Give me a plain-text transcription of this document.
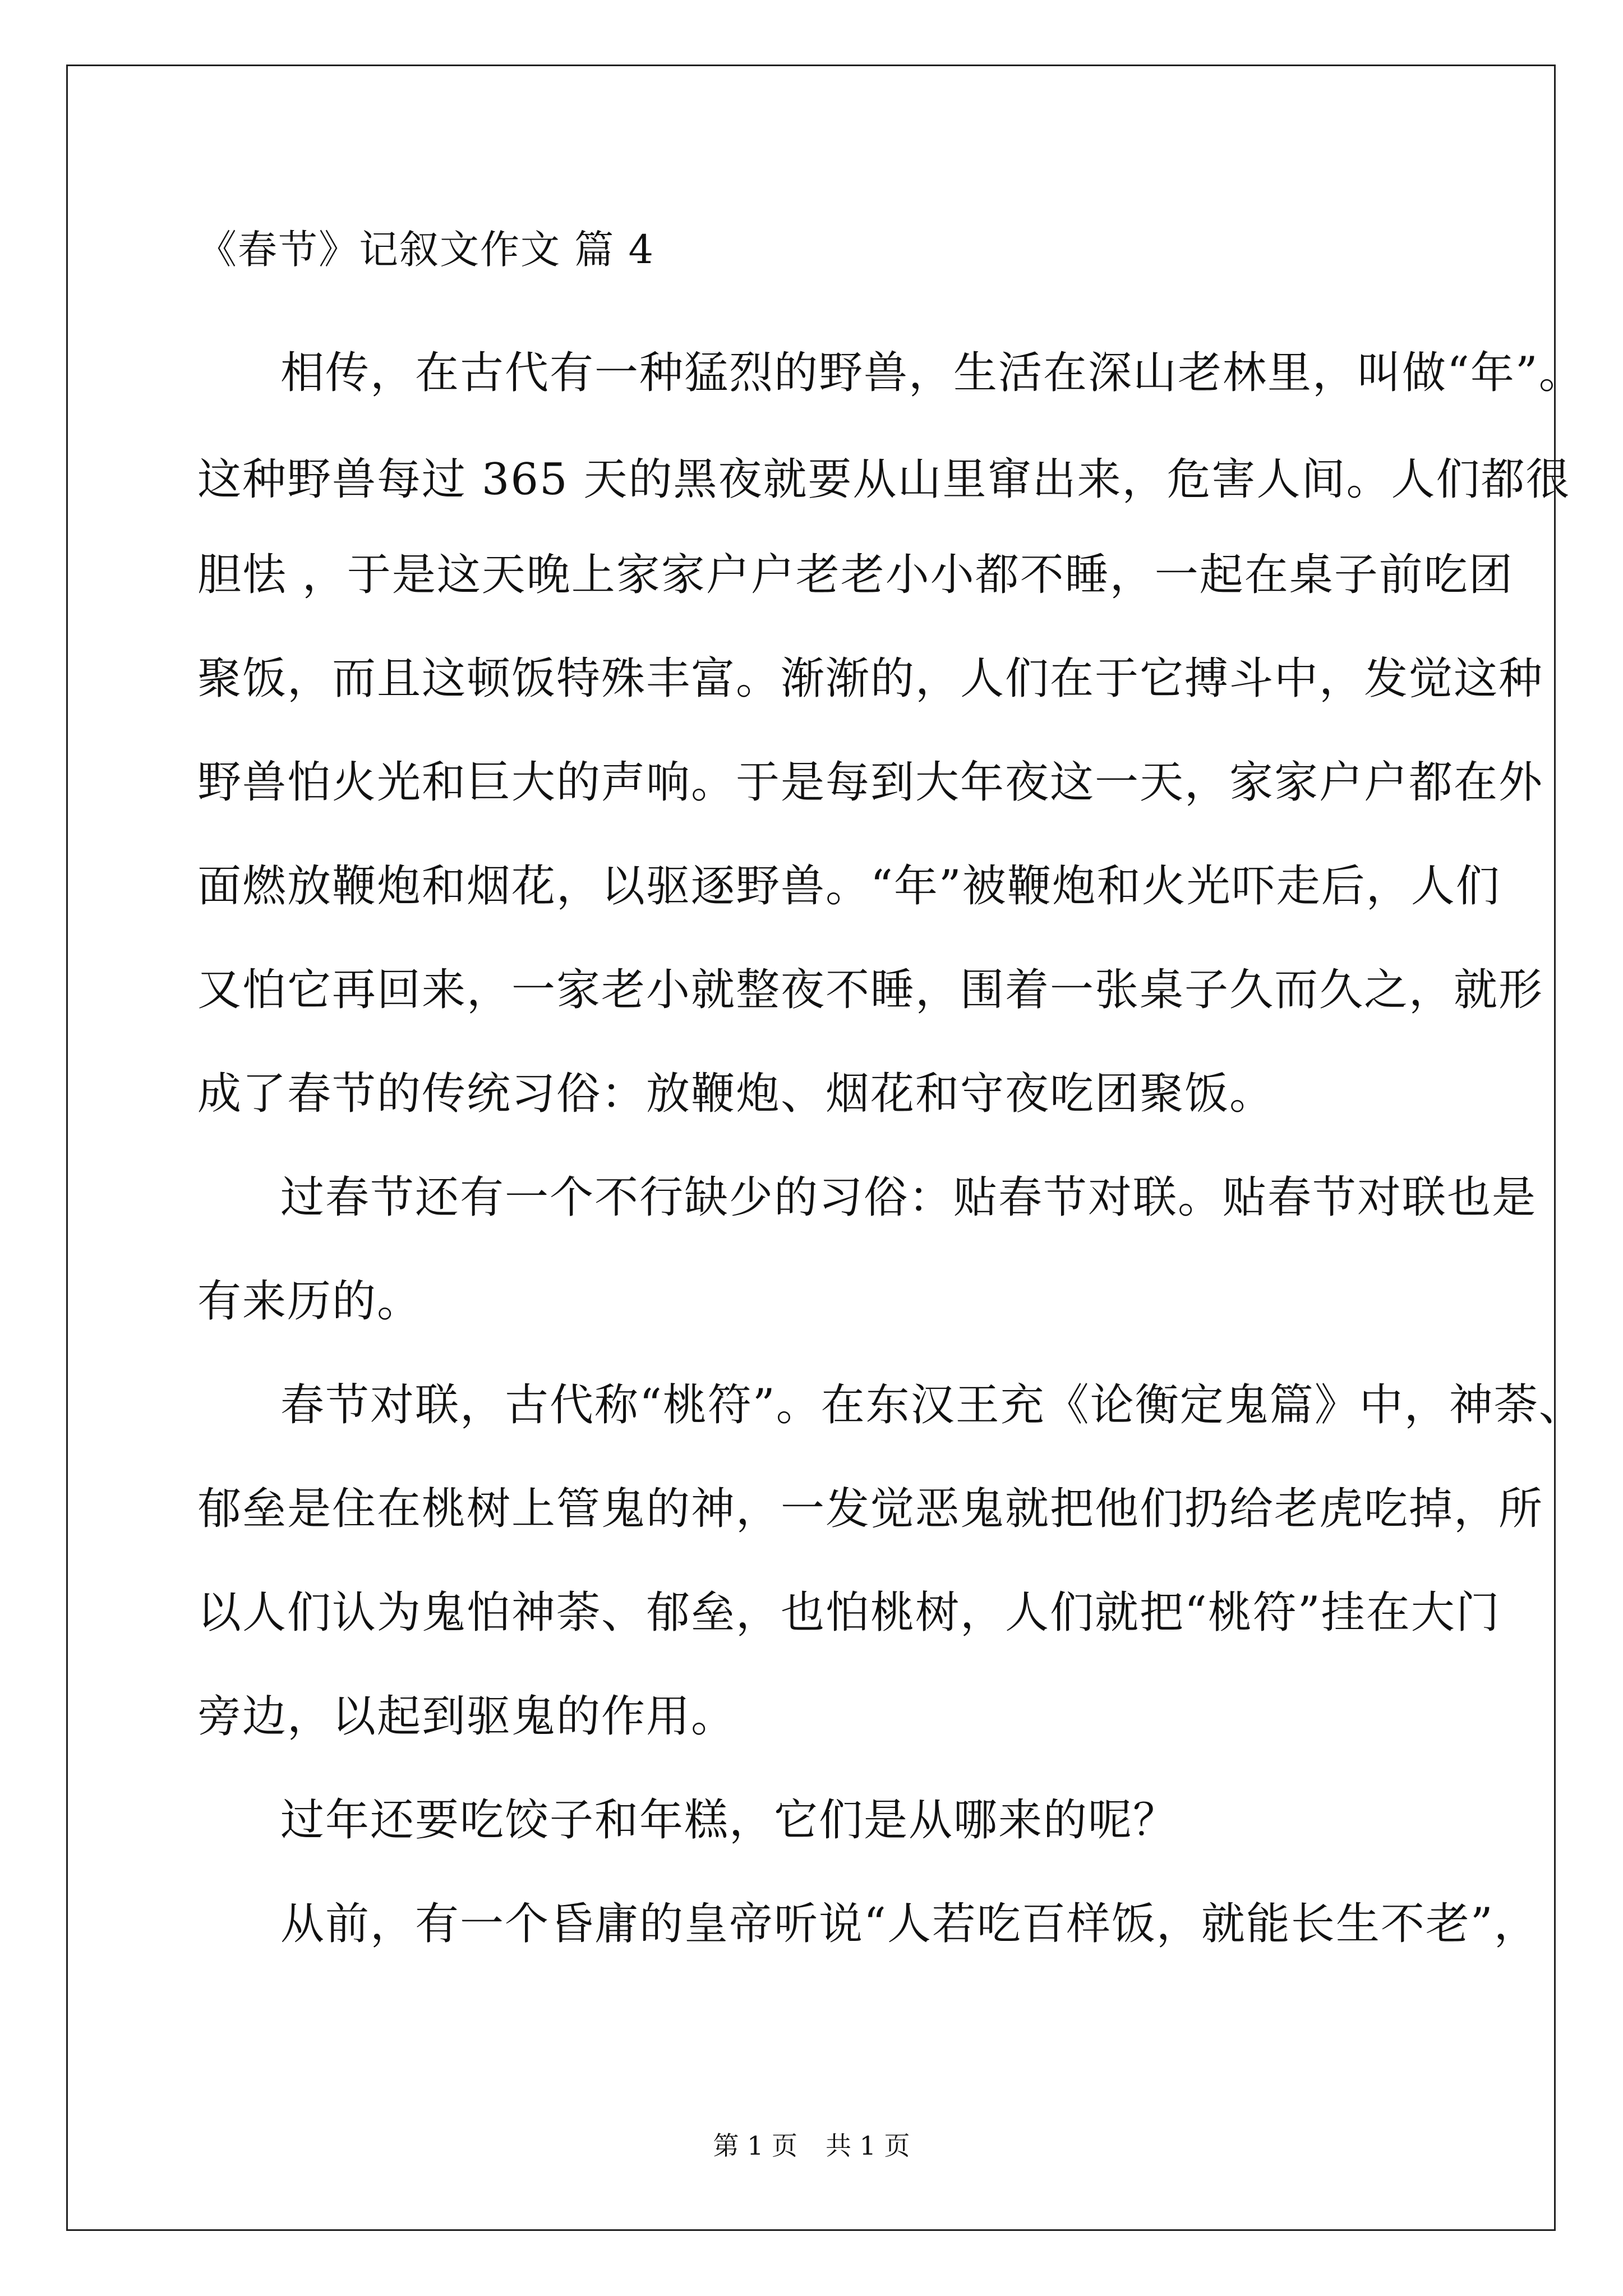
《春节》记叙文作文 篇 4
相传，在古代有一种猛烈的野兽，生活在深山老林里，叫做“年”。
这种野兽每过 365 天的黑夜就要从山里窜出来，危害人间。人们都很
胆怯 ，于是这天晚上家家户户老老小小都不睡，一起在桌子前吃团
聚饭，而且这顿饭特殊丰富。渐渐的，人们在于它搏斗中，发觉这种
野兽怕火光和巨大的声响。于是每到大年夜这一天，家家户户都在外
面燃放鞭炮和烟花，以驱逐野兽。“年”被鞭炮和火光吓走后，人们
又怕它再回来，一家老小就整夜不睡，围着一张桌子久而久之，就形
成了春节的传统习俗：放鞭炮、烟花和守夜吃团聚饭。
过春节还有一个不行缺少的习俗：贴春节对联。贴春节对联也是
有来历的。
春节对联，古代称“桃符”。在东汉王充《论衡定鬼篇》中，神荼、
郁垒是住在桃树上管鬼的神，一发觉恶鬼就把他们扔给老虎吃掉，所
以人们认为鬼怕神荼、郁垒，也怕桃树，人们就把“桃符”挂在大门
旁边，以起到驱鬼的作用。
过年还要吃饺子和年糕，它们是从哪来的呢？
从前，有一个昏庸的皇帝听说“人若吃百样饭，就能长生不老”，
第 1 页 共 1 页
